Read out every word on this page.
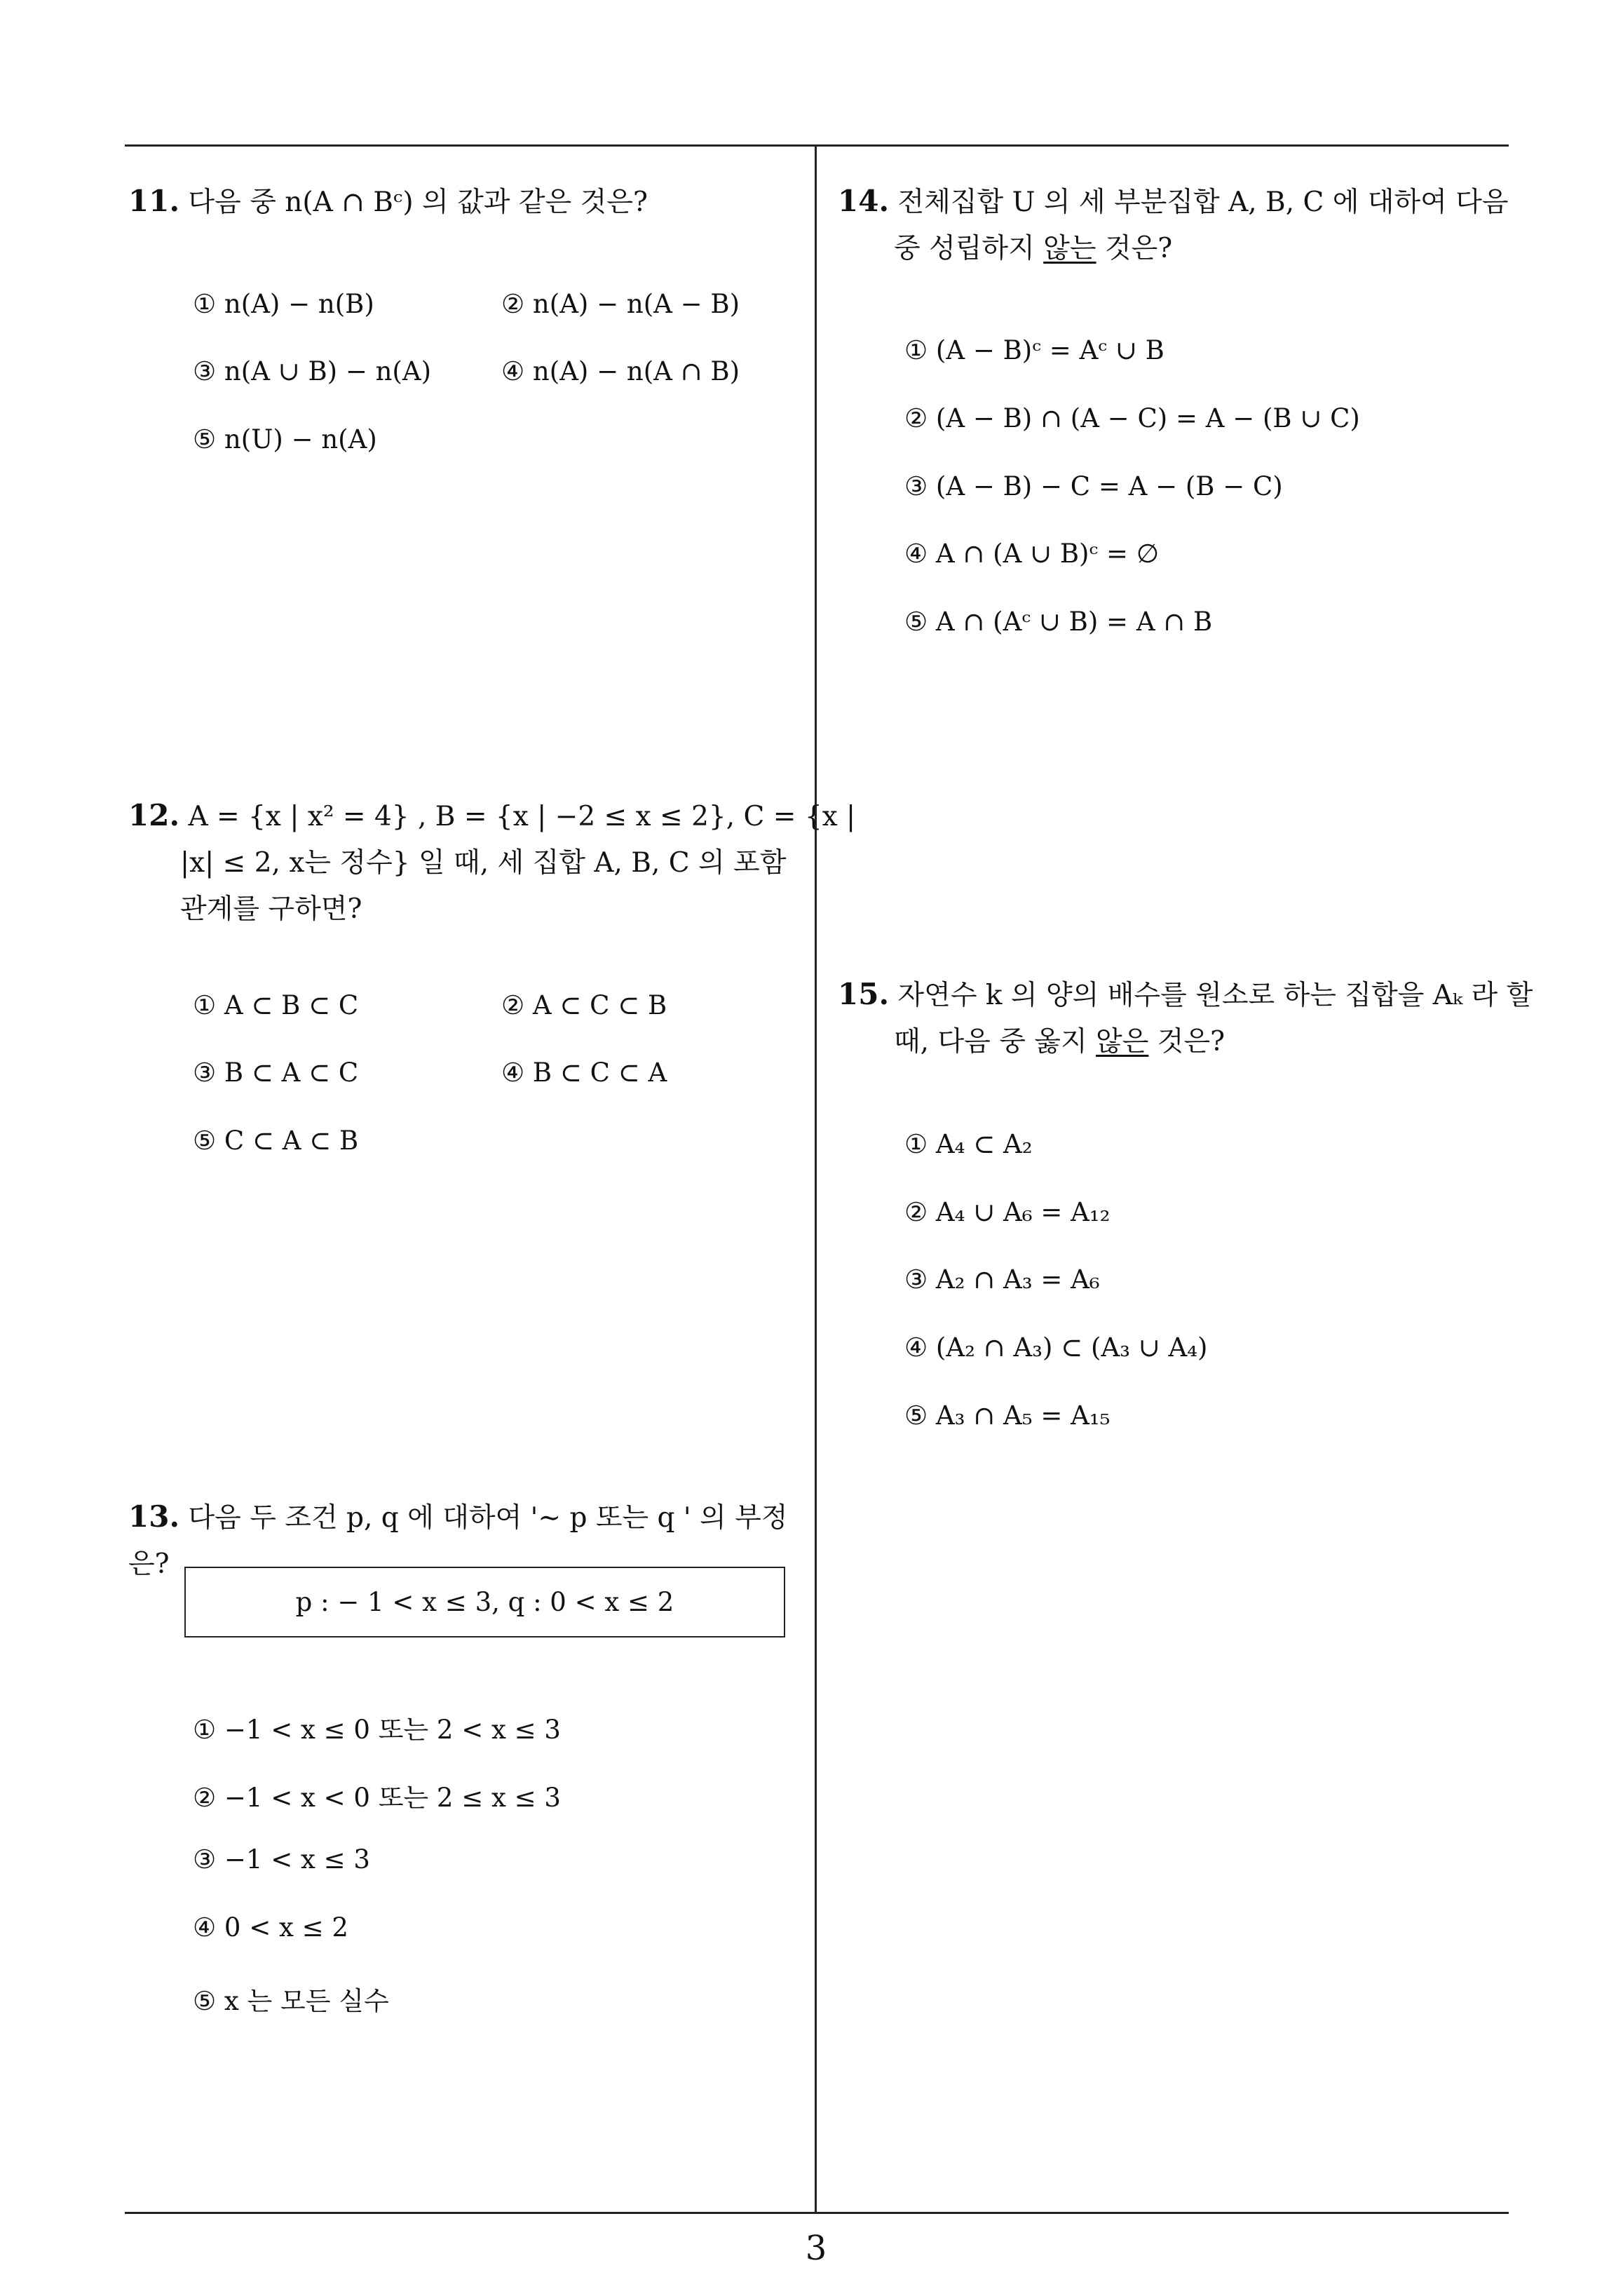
11. 다음 중 n(A ∩ Bᶜ) 의 값과 같은 것은?
① n(A) − n(B)	② n(A) − n(A − B)
③ n(A ∪ B) − n(A)	④ n(A) − n(A ∩ B)
⑤ n(U) − n(A)
12. A = {x | x² = 4} , B = {x | −2 ≤ x ≤ 2}, C = {x |
|x| ≤ 2, x는 정수} 일 때, 세 집합 A, B, C 의 포함
관계를 구하면?
① A ⊂ B ⊂ C	② A ⊂ C ⊂ B
③ B ⊂ A ⊂ C	④ B ⊂ C ⊂ A
⑤ C ⊂ A ⊂ B
13. 다음 두 조건 p, q 에 대하여 '∼ p 또는 q ' 의 부정은?
p : − 1 < x ≤ 3, q : 0 < x ≤ 2
① −1 < x ≤ 0 또는 2 < x ≤ 3
② −1 < x < 0 또는 2 ≤ x ≤ 3
③ −1 < x ≤ 3
④ 0 < x ≤ 2
⑤ x 는 모든 실수
14. 전체집합 U 의 세 부분집합 A, B, C 에 대하여 다음
중 성립하지 않는 것은?
① (A − B)ᶜ = Aᶜ ∪ B
② (A − B) ∩ (A − C) = A − (B ∪ C)
③ (A − B) − C = A − (B − C)
④ A ∩ (A ∪ B)ᶜ = ∅
⑤ A ∩ (Aᶜ ∪ B) = A ∩ B
15. 자연수 k 의 양의 배수를 원소로 하는 집합을 Aₖ 라 할
때, 다음 중 옳지 않은 것은?
① A₄ ⊂ A₂
② A₄ ∪ A₆ = A₁₂
③ A₂ ∩ A₃ = A₆
④ (A₂ ∩ A₃) ⊂ (A₃ ∪ A₄)
⑤ A₃ ∩ A₅ = A₁₅
3
